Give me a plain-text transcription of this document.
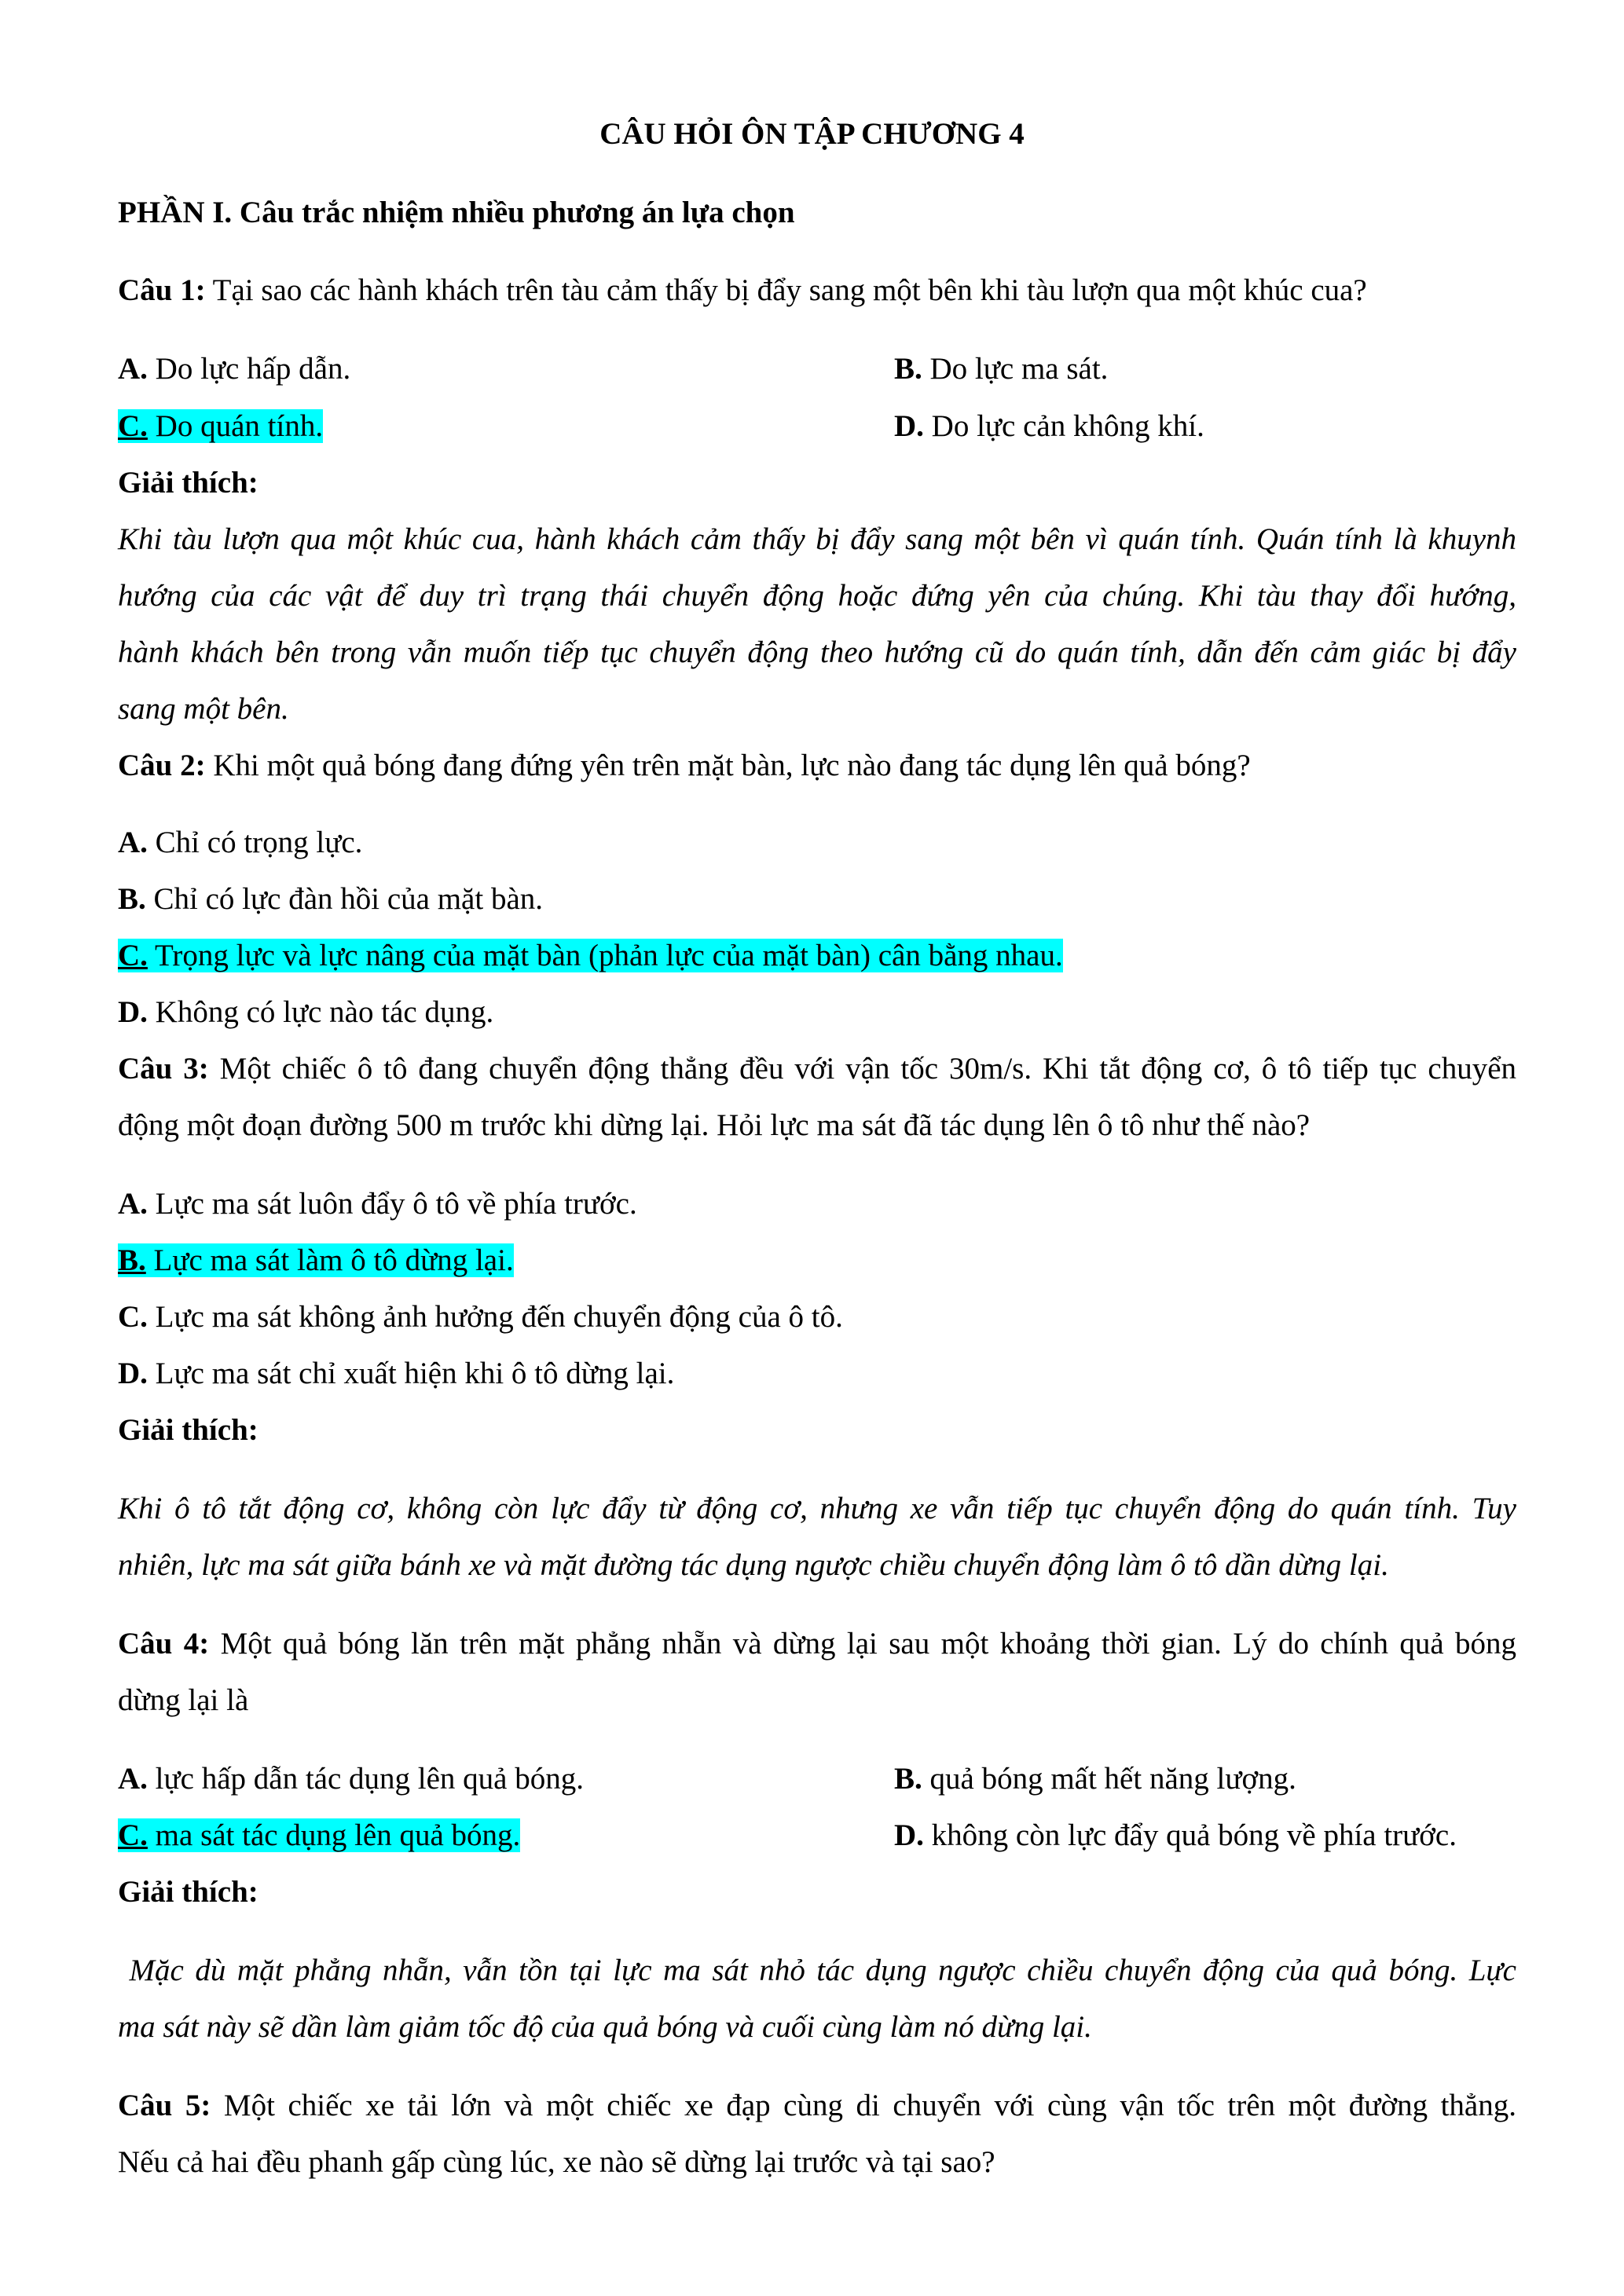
CÂU HỎI ÔN TẬP CHƯƠNG 4
PHẦN I. Câu trắc nhiệm nhiều phương án lựa chọn
Câu 1: Tại sao các hành khách trên tàu cảm thấy bị đẩy sang một bên khi tàu lượn qua một khúc cua?
A. Do lực hấp dẫn.	B. Do lực ma sát.
C. Do quán tính.	D. Do lực cản không khí.
Giải thích:
Khi tàu lượn qua một khúc cua, hành khách cảm thấy bị đẩy sang một bên vì quán tính. Quán tính là khuynh
hướng của các vật để duy trì trạng thái chuyển động hoặc đứng yên của chúng. Khi tàu thay đổi hướng,
hành khách bên trong vẫn muốn tiếp tục chuyển động theo hướng cũ do quán tính, dẫn đến cảm giác bị đẩy
sang một bên.
Câu 2: Khi một quả bóng đang đứng yên trên mặt bàn, lực nào đang tác dụng lên quả bóng?
A. Chỉ có trọng lực.
B. Chỉ có lực đàn hồi của mặt bàn.
C. Trọng lực và lực nâng của mặt bàn (phản lực của mặt bàn) cân bằng nhau.
D. Không có lực nào tác dụng.
Câu 3: Một chiếc ô tô đang chuyển động thẳng đều với vận tốc 30m/s. Khi tắt động cơ, ô tô tiếp tục chuyển
động một đoạn đường 500 m trước khi dừng lại. Hỏi lực ma sát đã tác dụng lên ô tô như thế nào?
A. Lực ma sát luôn đẩy ô tô về phía trước.
B. Lực ma sát làm ô tô dừng lại.
C. Lực ma sát không ảnh hưởng đến chuyển động của ô tô.
D. Lực ma sát chỉ xuất hiện khi ô tô dừng lại.
Giải thích:
Khi ô tô tắt động cơ, không còn lực đẩy từ động cơ, nhưng xe vẫn tiếp tục chuyển động do quán tính. Tuy
nhiên, lực ma sát giữa bánh xe và mặt đường tác dụng ngược chiều chuyển động làm ô tô dần dừng lại.
Câu 4: Một quả bóng lăn trên mặt phẳng nhẵn và dừng lại sau một khoảng thời gian. Lý do chính quả bóng
dừng lại là
A. lực hấp dẫn tác dụng lên quả bóng.	B. quả bóng mất hết năng lượng.
C. ma sát tác dụng lên quả bóng.	D. không còn lực đẩy quả bóng về phía trước.
Giải thích:
Mặc dù mặt phẳng nhẵn, vẫn tồn tại lực ma sát nhỏ tác dụng ngược chiều chuyển động của quả bóng. Lực
ma sát này sẽ dần làm giảm tốc độ của quả bóng và cuối cùng làm nó dừng lại.
Câu 5: Một chiếc xe tải lớn và một chiếc xe đạp cùng di chuyển với cùng vận tốc trên một đường thẳng.
Nếu cả hai đều phanh gấp cùng lúc, xe nào sẽ dừng lại trước và tại sao?
